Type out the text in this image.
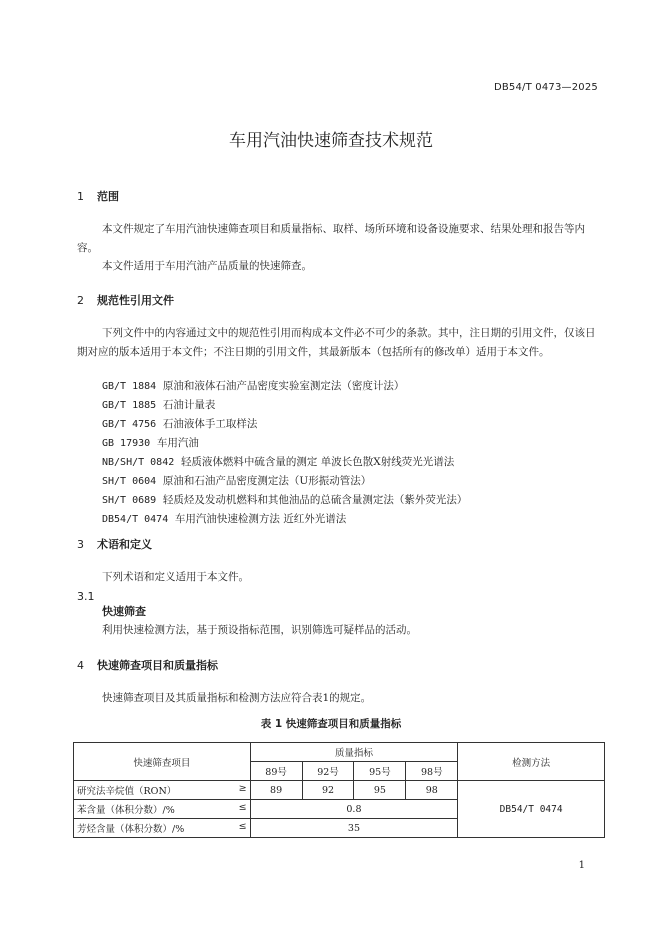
DB54/T 0473—2025
车用汽油快速筛查技术规范
1 范围
本文件规定了车用汽油快速筛查项目和质量指标、取样、场所环境和设备设施要求、结果处理和报告等内容。
本文件适用于车用汽油产品质量的快速筛查。
2 规范性引用文件
下列文件中的内容通过文中的规范性引用而构成本文件必不可少的条款。其中，注日期的引用文件，仅该日期对应的版本适用于本文件；不注日期的引用文件，其最新版本（包括所有的修改单）适用于本文件。
GB/T 1884 原油和液体石油产品密度实验室测定法（密度计法）
GB/T 1885 石油计量表
GB/T 4756 石油液体手工取样法
GB 17930 车用汽油
NB/SH/T 0842 轻质液体燃料中硫含量的测定 单波长色散X射线荧光光谱法
SH/T 0604 原油和石油产品密度测定法（U形振动管法）
SH/T 0689 轻质烃及发动机燃料和其他油品的总硫含量测定法（紫外荧光法）
DB54/T 0474 车用汽油快速检测方法 近红外光谱法
3 术语和定义
下列术语和定义适用于本文件。
3.1
快速筛查
利用快速检测方法，基于预设指标范围，识别筛选可疑样品的活动。
4 快速筛查项目和质量指标
快速筛查项目及其质量指标和检测方法应符合表1的规定。
表 1 快速筛查项目和质量指标
快速筛查项目	质量指标				检测方法
	89号	92号	95号	98号	
研究法辛烷值（RON） ≥	89	92	95	98	DB54/T 0474
苯含量（体积分数）/% ≤	0.8				
芳烃含量（体积分数）/% ≤	35				
1
